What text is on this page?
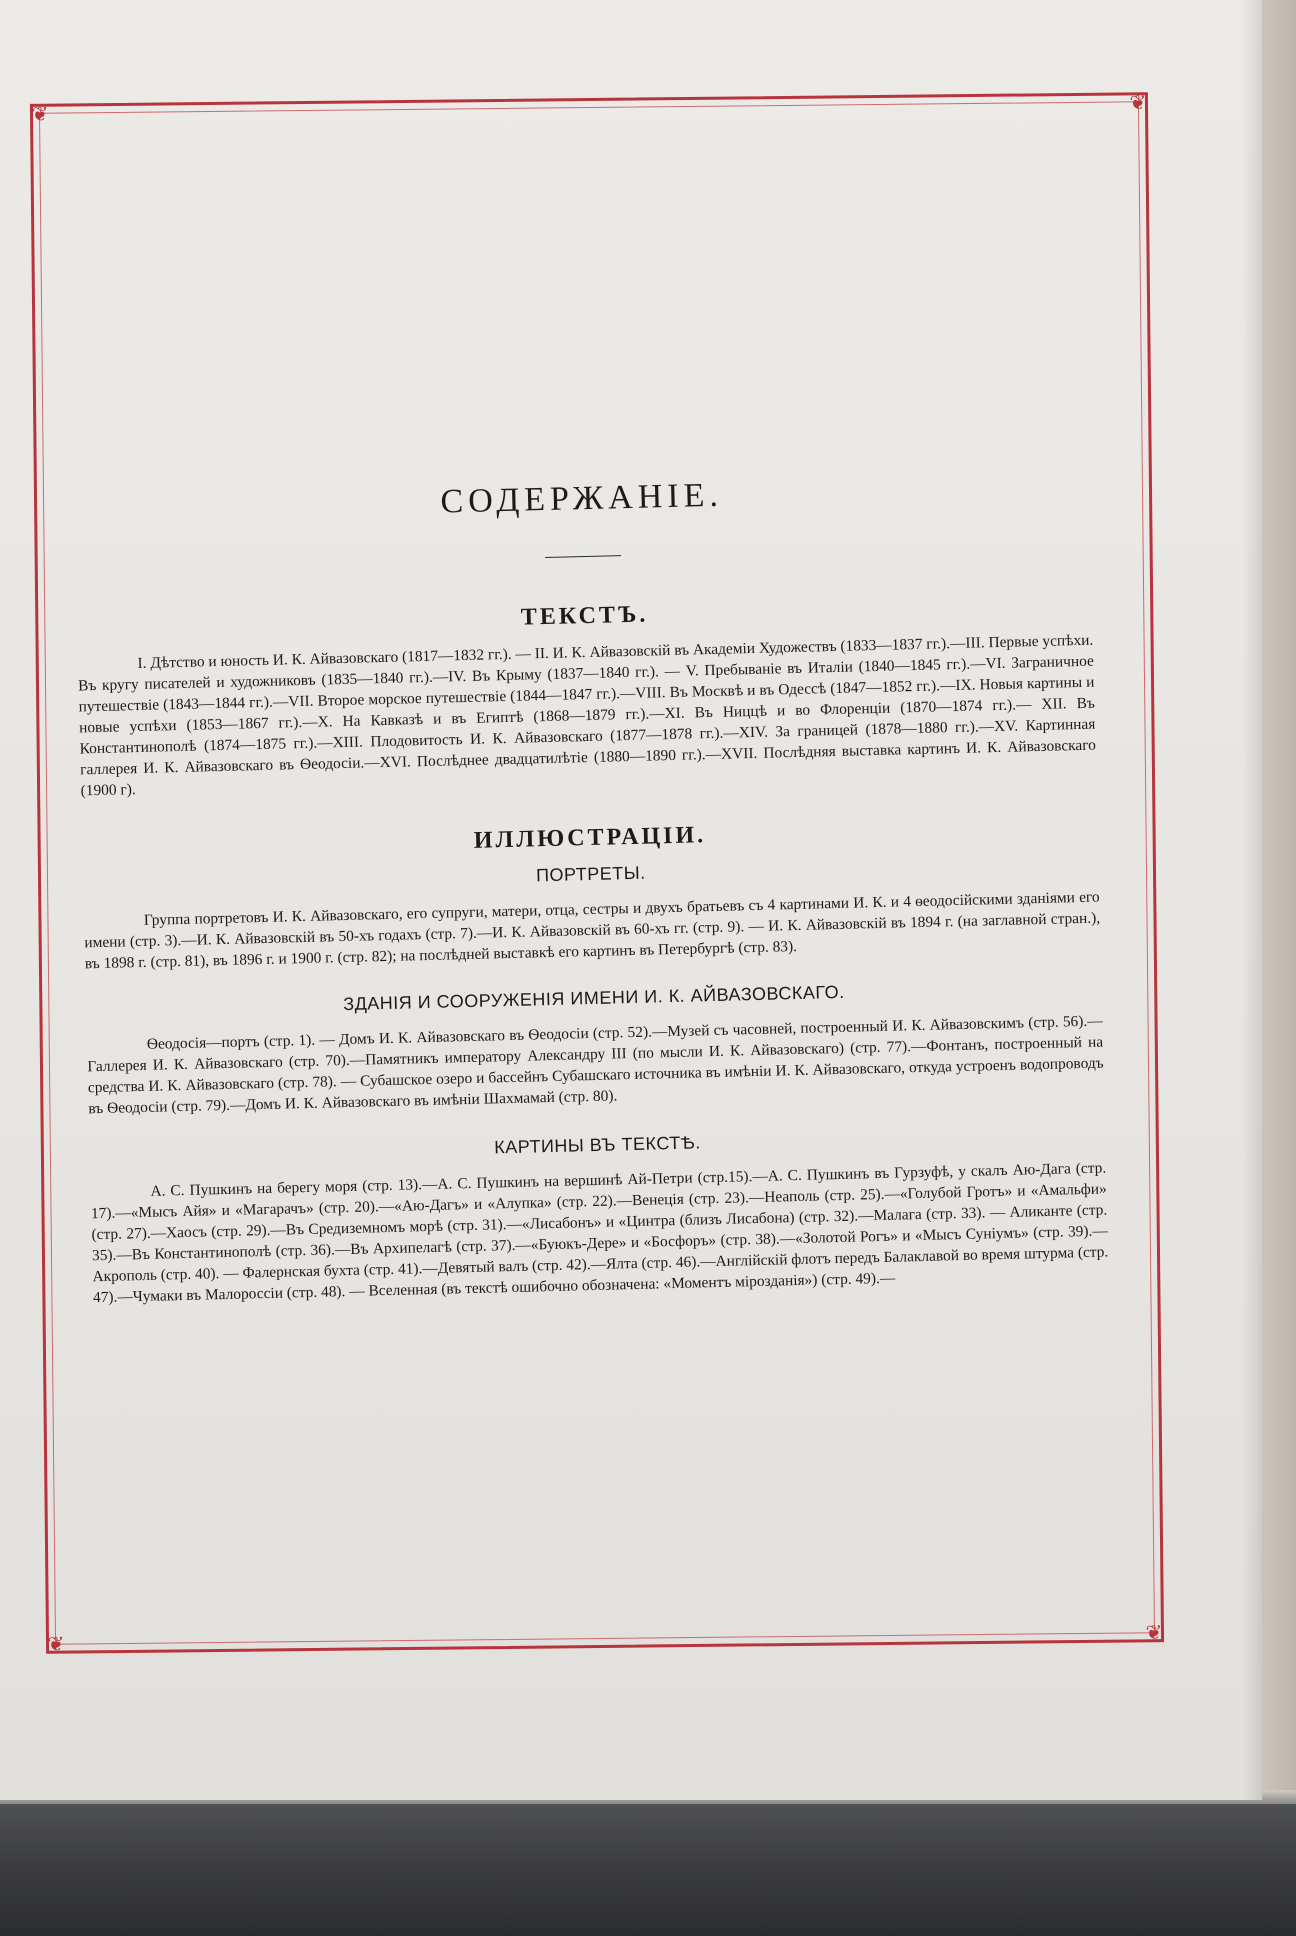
❦	❦
❦	❦
СОДЕРЖАНІЕ.
ТЕКСТЪ.

I. Дѣтство и юность И. К. Айвазовскаго (1817—1832 гг.). — II. И. К. Айвазовскій въ Академіи Художествъ (1833—1837 гг.).—III. Первые успѣхи. Въ кругу писателей и художниковъ (1835—1840 гг.).—IV. Въ Крыму (1837—1840 гг.). — V. Пребываніе въ Италіи (1840—1845 гг.).—VI. Заграничное путешествіе (1843—1844 гг.).—VII. Второе морское путешествіе (1844—1847 гг.).—VIII. Въ Москвѣ и въ Одессѣ (1847—1852 гг.).—IX. Новыя картины и новые успѣхи (1853—1867 гг.).—X. На Кавказѣ и въ Египтѣ (1868—1879 гг.).—XI. Въ Ниццѣ и во Флоренціи (1870—1874 гг.).— XII. Въ Константинополѣ (1874—1875 гг.).—XIII. Плодовитость И. К. Айвазовскаго (1877—1878 гг.).—XIV. За границей (1878—1880 гг.).—XV. Картинная галлерея И. К. Айвазовскаго въ Ѳеодосіи.—XVI. Послѣднее двадцатилѣтіе (1880—1890 гг.).—XVII. Послѣдняя выставка картинъ И. К. Айвазовскаго (1900 г).

ИЛЛЮСТРАЦІИ.
ПОРТРЕТЫ.

Группа портретовъ И. К. Айвазовскаго, его супруги, матери, отца, сестры и двухъ братьевъ съ 4 картинами И. К. и 4 ѳеодосійскими зданіями его имени (стр. 3).—И. К. Айвазовскій въ 50-хъ годахъ (стр. 7).—И. К. Айвазовскій въ 60-хъ гг. (стр. 9). — И. К. Айвазовскій въ 1894 г. (на заглавной стран.), въ 1898 г. (стр. 81), въ 1896 г. и 1900 г. (стр. 82); на послѣдней выставкѣ его картинъ въ Петербургѣ (стр. 83).

ЗДАНІЯ И СООРУЖЕНІЯ ИМЕНИ И. К. АЙВАЗОВСКАГО.

Ѳеодосія—портъ (стр. 1). — Домъ И. К. Айвазовскаго въ Ѳеодосіи (стр. 52).—Музей съ часовней, построенный И. К. Айвазовскимъ (стр. 56).—Галлерея И. К. Айвазовскаго (стр. 70).—Памятникъ императору Александру III (по мысли И. К. Айвазовскаго) (стр. 77).—Фонтанъ, построенный на средства И. К. Айвазовскаго (стр. 78). — Субашское озеро и бассейнъ Субашскаго источника въ имѣніи И. К. Айвазовскаго, откуда устроенъ водопроводъ въ Ѳеодосіи (стр. 79).—Домъ И. К. Айвазовскаго въ имѣніи Шахмамай (стр. 80).

КАРТИНЫ ВЪ ТЕКСТѢ.

А. С. Пушкинъ на берегу моря (стр. 13).—А. С. Пушкинъ на вершинѣ Ай-Петри (стр.15).—А. С. Пушкинъ въ Гурзуфѣ, у скалъ Аю-Дага (стр. 17).—«Мысъ Айя» и «Магарачъ» (стр. 20).—«Аю-Дагъ» и «Алупка» (стр. 22).—Венеція (стр. 23).—Неаполь (стр. 25).—«Голубой Гротъ» и «Амальфи» (стр. 27).—Хаосъ (стр. 29).—Въ Средиземномъ морѣ (стр. 31).—«Лисабонъ» и «Цинтра (близъ Лисабона) (стр. 32).—Малага (стр. 33). — Аликанте (стр. 35).—Въ Константинополѣ (стр. 36).—Въ Архипелагѣ (стр. 37).—«Буюкъ-Дере» и «Босфоръ» (стр. 38).—«Золотой Рогъ» и «Мысъ Суніумъ» (стр. 39).—Акрополь (стр. 40). — Фалернская бухта (стр. 41).—Девятый валъ (стр. 42).—Ялта (стр. 46).—Англійскій флотъ передъ Балаклавой во время штурма (стр. 47).—Чумаки въ Малороссіи (стр. 48). — Вселенная (въ текстѣ ошибочно обозначена: «Моментъ мірозданія») (стр. 49).—
